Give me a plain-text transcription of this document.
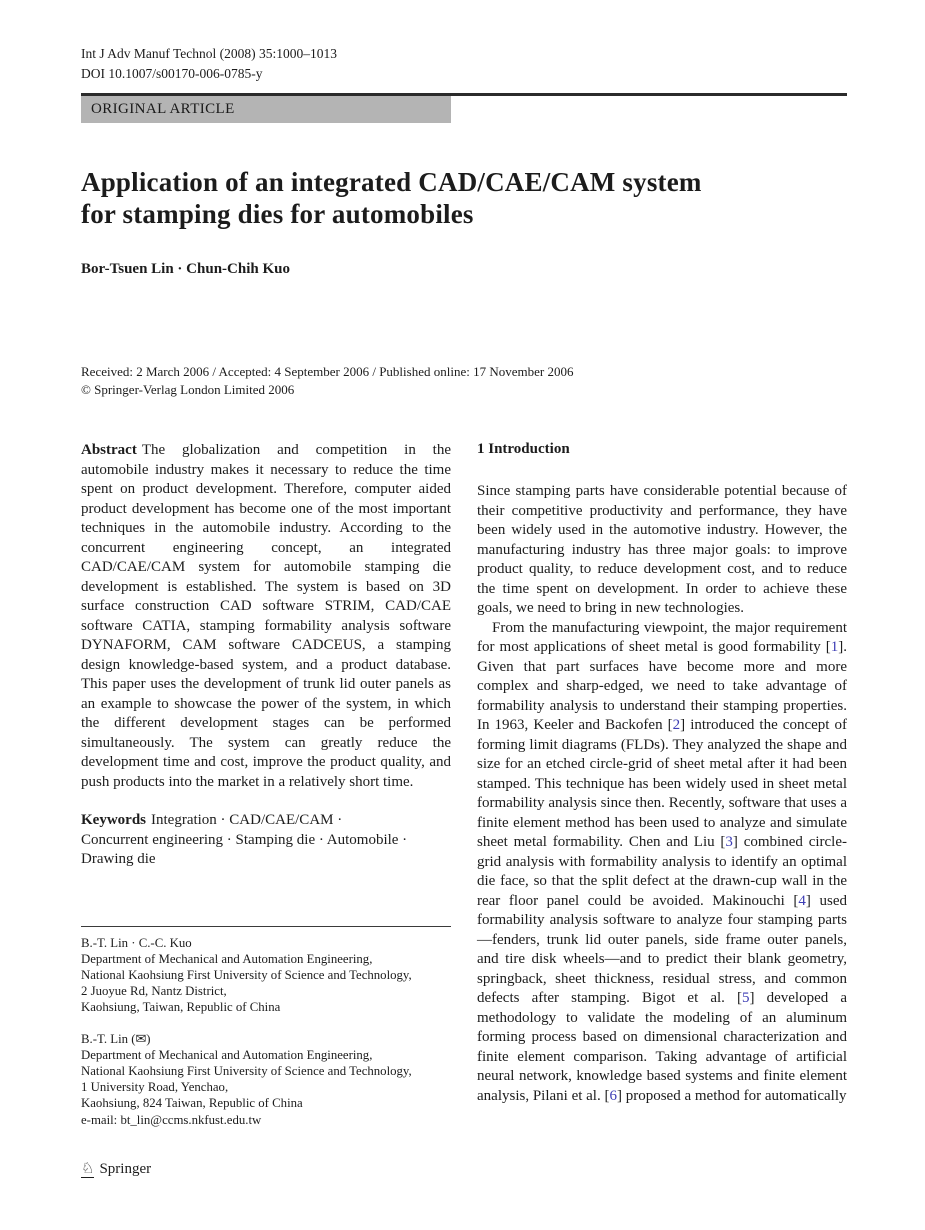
Int J Adv Manuf Technol (2008) 35:1000–1013
DOI 10.1007/s00170-006-0785-y
ORIGINAL ARTICLE
Application of an integrated CAD/CAE/CAM system
for stamping dies for automobiles
Bor-Tsuen Lin · Chun-Chih Kuo
Received: 2 March 2006 / Accepted: 4 September 2006 / Published online: 17 November 2006
© Springer-Verlag London Limited 2006

Abstract The globalization and competition in the automobile industry makes it necessary to reduce the time spent on product development. Therefore, computer aided product development has become one of the most important techniques in the automobile industry. According to the concurrent engineering concept, an integrated CAD/CAE/CAM system for automobile stamping die development is established. The system is based on 3D surface construction CAD software STRIM, CAD/CAE software CATIA, stamping formability analysis software DYNAFORM, CAM software CADCEUS, a stamping design knowledge-based system, and a product database. This paper uses the development of trunk lid outer panels as an example to showcase the power of the system, in which the different development stages can be performed simultaneously. The system can greatly reduce the development time and cost, improve the product quality, and push products into the market in a relatively short time.

Keywords Integration · CAD/CAE/CAM ·
Concurrent engineering · Stamping die · Automobile ·
Drawing die

B.-T. Lin · C.-C. Kuo
Department of Mechanical and Automation Engineering,
National Kaohsiung First University of Science and Technology,
2 Juoyue Rd, Nantz District,
Kaohsiung, Taiwan, Republic of China
B.-T. Lin (✉)
Department of Mechanical and Automation Engineering,
National Kaohsiung First University of Science and Technology,
1 University Road, Yenchao,
Kaohsiung, 824 Taiwan, Republic of China
e-mail: bt_lin@ccms.nkfust.edu.tw
1 Introduction

Since stamping parts have considerable potential because of their competitive productivity and performance, they have been widely used in the automotive industry. However, the manufacturing industry has three major goals: to improve product quality, to reduce development cost, and to reduce the time spent on development. In order to achieve these goals, we need to bring in new technologies.

From the manufacturing viewpoint, the major requirement for most applications of sheet metal is good formability [1]. Given that part surfaces have become more and more complex and sharp-edged, we need to take advantage of formability analysis to understand their stamping properties. In 1963, Keeler and Backofen [2] introduced the concept of forming limit diagrams (FLDs). They analyzed the shape and size for an etched circle-grid of sheet metal after it had been stamped. This technique has been widely used in sheet metal formability analysis since then. Recently, software that uses a finite element method has been used to analyze and simulate sheet metal formability. Chen and Liu [3] combined circle-grid analysis with formability analysis to identify an optimal die face, so that the split defect at the drawn-cup wall in the rear floor panel could be avoided. Makinouchi [4] used formability analysis software to analyze four stamping parts—fenders, trunk lid outer panels, side frame outer panels, and tire disk wheels—and to predict their blank geometry, springback, sheet thickness, residual stress, and common defects after stamping. Bigot et al. [5] developed a methodology to validate the modeling of an aluminum forming process based on dimensional characterization and finite element comparison. Taking advantage of artificial neural network, knowledge based systems and finite element analysis, Pilani et al. [6] proposed a method for automatically

♘ Springer
